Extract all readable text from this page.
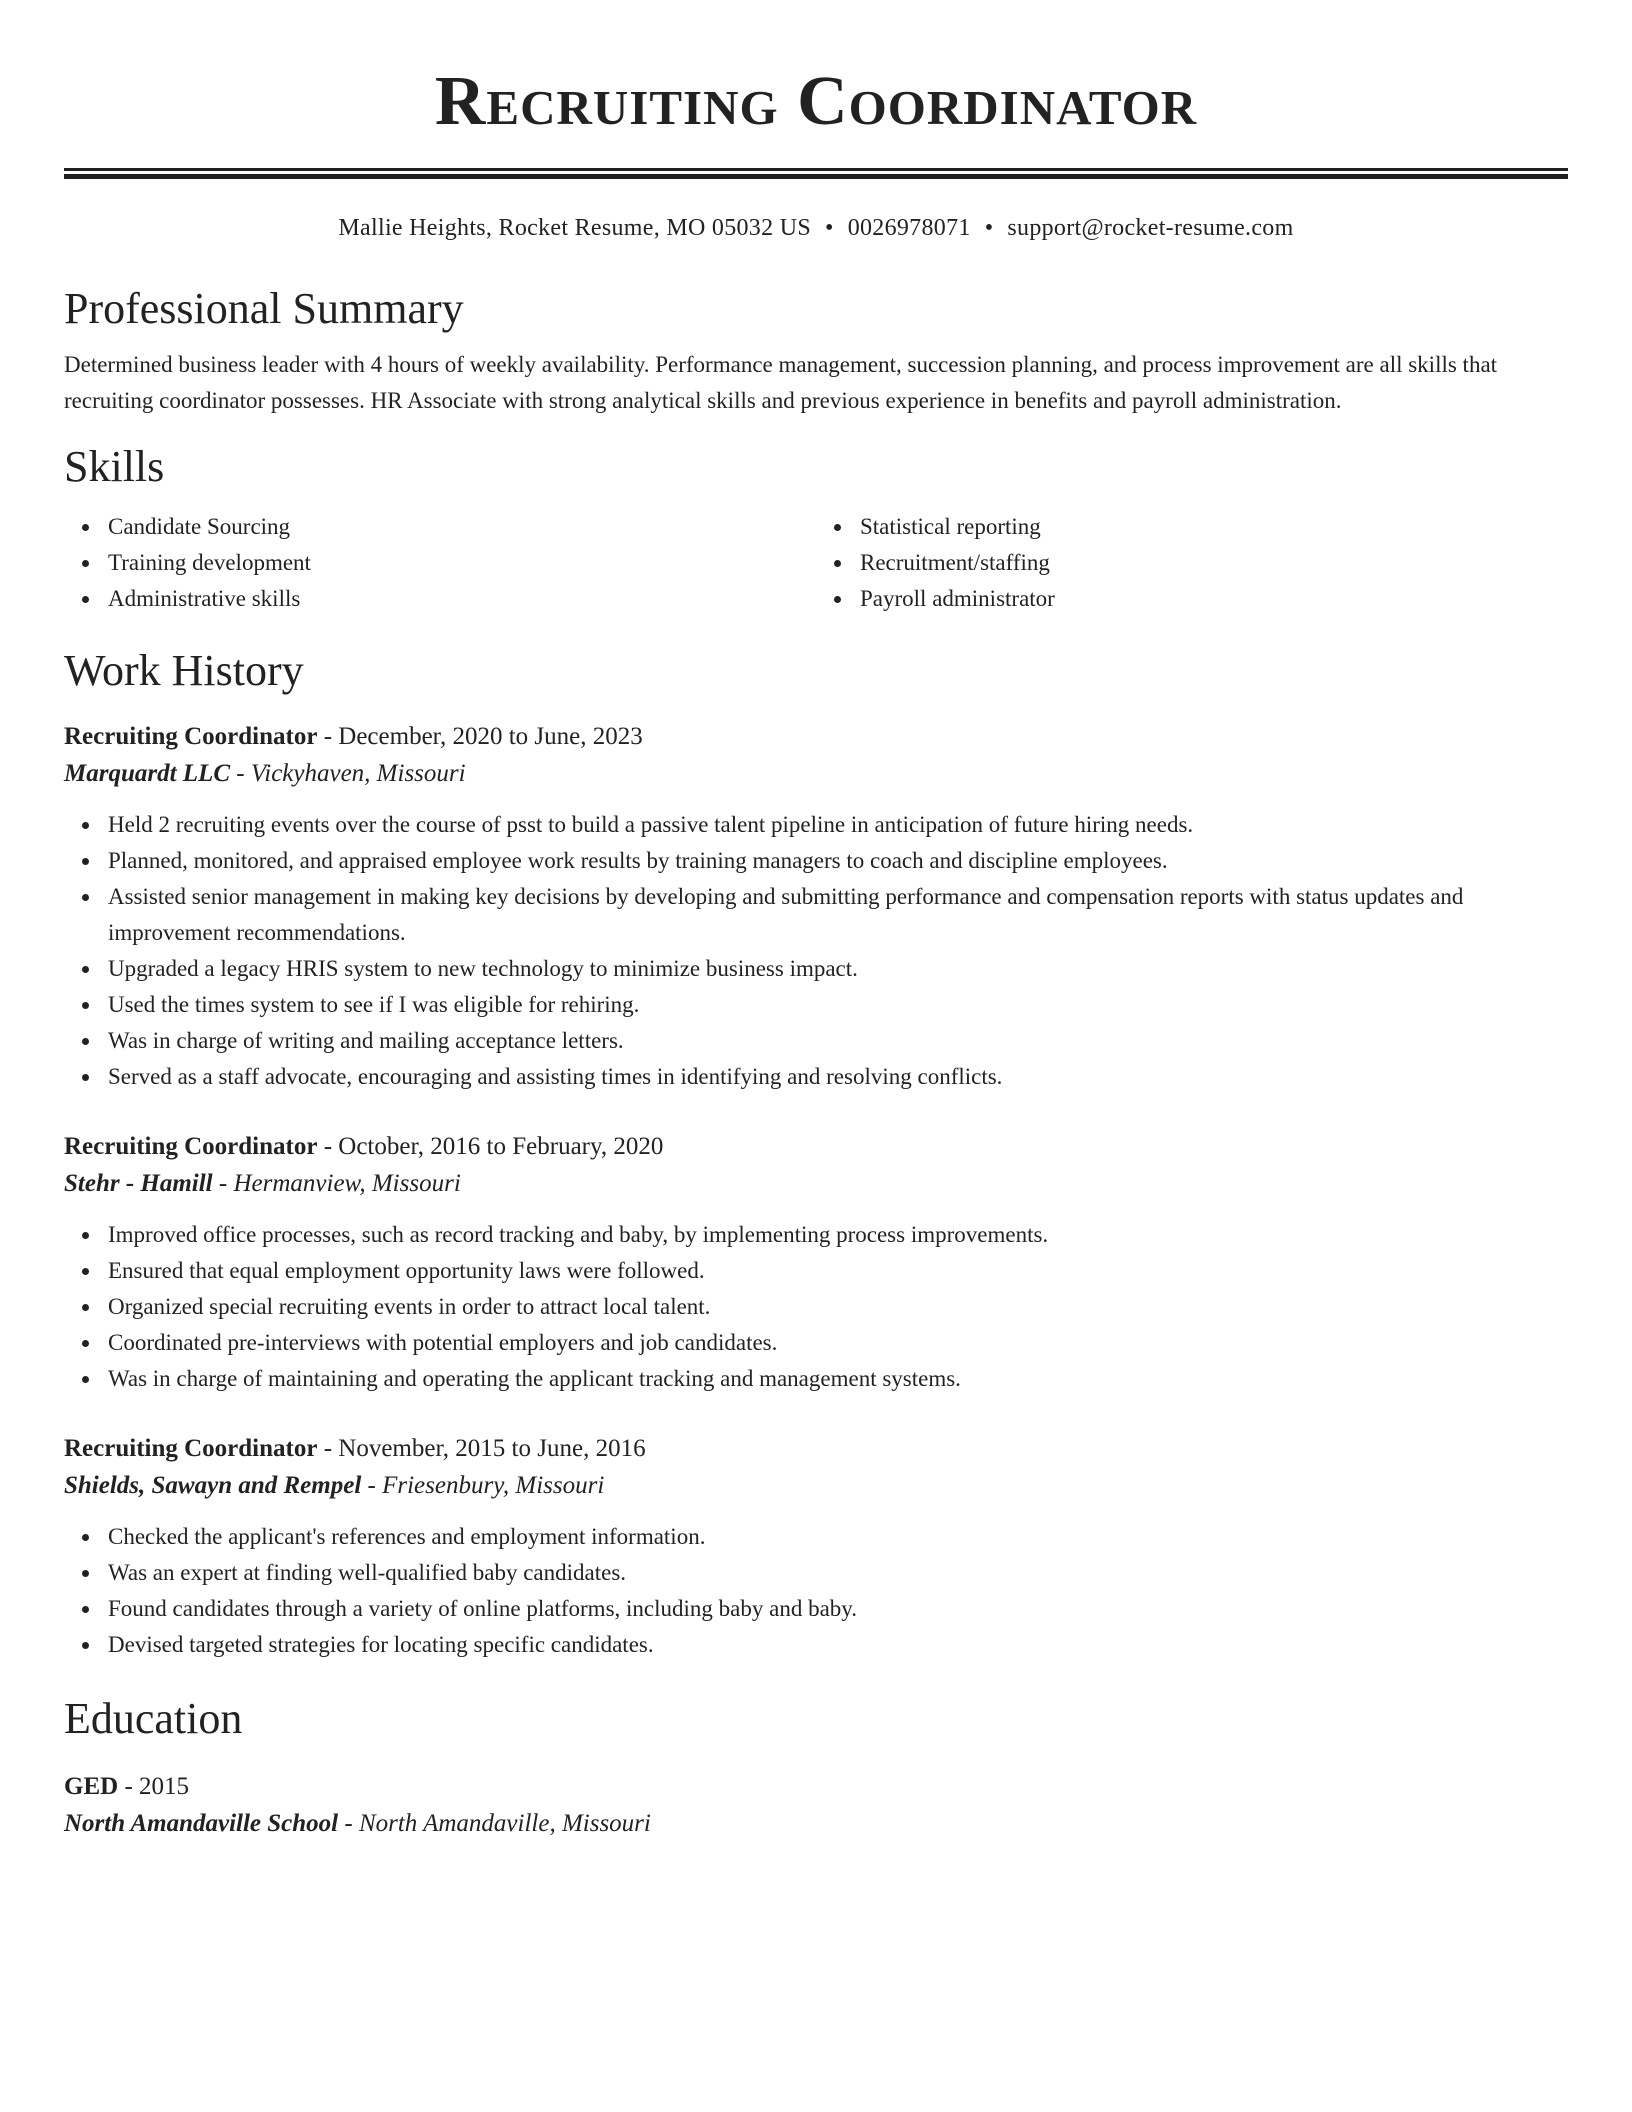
Recruiting Coordinator
Mallie Heights, Rocket Resume, MO 05032 US • 0026978071 • support@rocket-resume.com
Professional Summary

Determined business leader with 4 hours of weekly availability. Performance management, succession planning, and process improvement are all skills that recruiting coordinator possesses. HR Associate with strong analytical skills and previous experience in benefits and payroll administration.

Skills
Candidate Sourcing
Training development
Administrative skills
Statistical reporting
Recruitment/staffing
Payroll administrator
Work History
Recruiting Coordinator - December, 2020 to June, 2023
Marquardt LLC - Vickyhaven, Missouri
Held 2 recruiting events over the course of psst to build a passive talent pipeline in anticipation of future hiring needs.
Planned, monitored, and appraised employee work results by training managers to coach and discipline employees.
Assisted senior management in making key decisions by developing and submitting performance and compensation reports with status updates and improvement recommendations.
Upgraded a legacy HRIS system to new technology to minimize business impact.
Used the times system to see if I was eligible for rehiring.
Was in charge of writing and mailing acceptance letters.
Served as a staff advocate, encouraging and assisting times in identifying and resolving conflicts.
Recruiting Coordinator - October, 2016 to February, 2020
Stehr - Hamill - Hermanview, Missouri
Improved office processes, such as record tracking and baby, by implementing process improvements.
Ensured that equal employment opportunity laws were followed.
Organized special recruiting events in order to attract local talent.
Coordinated pre-interviews with potential employers and job candidates.
Was in charge of maintaining and operating the applicant tracking and management systems.
Recruiting Coordinator - November, 2015 to June, 2016
Shields, Sawayn and Rempel - Friesenbury, Missouri
Checked the applicant's references and employment information.
Was an expert at finding well-qualified baby candidates.
Found candidates through a variety of online platforms, including baby and baby.
Devised targeted strategies for locating specific candidates.
Education
GED - 2015
North Amandaville School - North Amandaville, Missouri
